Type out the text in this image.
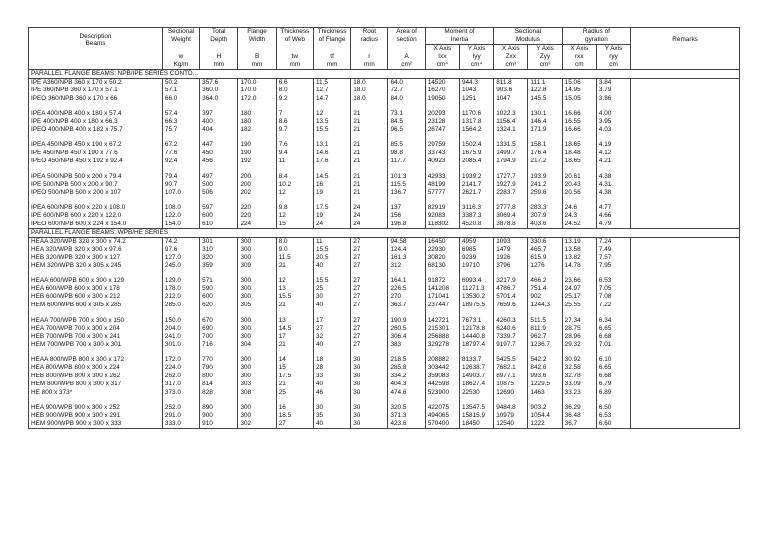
Description
Beams	Sectional	Total	Flange	Thickness	Thickness	Root	Area of	Moment of		Sectional		Radius of		Remarks
	Weight	Depth	Width	of Web	of Flange	radius	section	Inertia		Modulus		gyration		
								X Axis	Y Axis	X Axis	Y Axis	X Axis	Y Axis	
	w	H	B	tw	tf	r	A	Ixx	Iyy	Zxx	Zyy	rxx	ryy	
	Kg/m	mm	mm	mm	mm	mm	cm²	cm⁴	cm⁴	cm³	cm³	cm	cm	
PARALLEL FLANGE BEAMS; NPB/IPE SERIES CONTD...														
IPE A360/NPB 360 x 170 x 50.2	50.2	357.6	170.0	6.6	11.5	18.0	64.0	14520	944.3	811.8	111.1	15.06	3.84	
IPE 360/NPB 360 x 170 x 57.1	57.1	360.0	170.0	8.0	12.7	18.0	72.7	16270	1043	903.6	122.8	14.95	3.79	
IPEO 360/NPB 360 x 170 x 66	66.0	364.0	172.0	9.2	14.7	18.0	84.0	19050	1251	1047	145.5	15.05	3.86	

IPEA 400/NPB 400 x 180 x 57.4	57.4	397	180	7	12	21	73.1	20293	1170.6	1022.3	130.1	16.66	4.00	
IPE 400/NPB 400 x 180 x 66.3	66.3	400	180	8.6	13.5	21	84.5	23128	1317.8	1156.4	146.4	16.55	3.95	
IPEO 400/NPB 400 x 182 x 75.7	75.7	404	182	9.7	15.5	21	96.5	26747	1564.2	1324.1	171.9	16.66	4.03	

IPEA 450/NPB 450 x 190 x 67.2	67.2	447	190	7.6	13.1	21	85.5	29759	1502.4	1331.5	158.1	18.65	4.19	
IPE 450/NPB 450 x 190 x 77.6	77.6	450	190	9.4	14.6	21	98.8	33743	1675.9	1499.7	176.4	18.48	4.12	
IPEO 450/NPB 450 x 192 x 92.4	92.4	456	192	11	17.6	21	117.7	40923	2085.4	1794.9	217.2	18.65	4.21	

IPEA 500/NPB 500 x 200 x 79.4	79.4	497	200	8.4	14.5	21	101.3	42933	1939.2	1727.7	193.9	20.61	4.38	
IPE 500/NPB 500 x 200 x 90.7	90.7	500	200	10.2	16	21	115.5	48199	2141.7	1927.9	241.2	20.43	4.31	
IPEO 500/NPB 500 x 200 x 107	107.0	506	202	12	19	21	136.7	57777	2621.7	2283.7	259.6	20.56	4.38	

IPEA 600/NPB 600 x 220 x 108.0	108.0	597	220	9.8	17.5	24	137	82919	3116.3	2777.8	283.3	24.6	4.77	
IPE 600/NPB 600 x 220 x 122.0	122.0	600	220	12	19	24	156	92083	3387.3	3069.4	307.9	24.3	4.66	
IPEO 600/NPB 600 x 224 x 154.0	154.0	610	224	15	24	24	196.8	118302	4520.8	3878.8	403.6	24.52	4.79	
PARALLEL FLANGE BEAMS; WPB/HE SERIES														
HEAA 320/WPB 320 x 300 x 74.2	74.2	301	300	8.0	11	27	94.58	16450	4959	1093	330.6	13.19	7.24	
HEA 320/WPB 320 x 300 x 97.6	97.6	310	300	9.0	15.5	27	124.4	22930	6985	1479	465.7	13.58	7.49	
HEB 320/WPB 320 x 300 x 127	127.0	320	300	11.5	20.5	27	161.3	30820	9239	1926	615.9	13.82	7.57	
HEM 320/WPB 320 x 305 x 245	245.0	359	309	21	40	27	312	68130	19710	3796	1276	14.78	7.95	

HEAA 600/WPB 600 x 300 x 129	129.0	571	300	12	15.5	27	164.1	91872	6993.4	3217.9	466.2	23.66	6.53	
HEA 600/WPB 600 x 300 x 178	178.0	590	300	13	25	27	226.5	141208	11271.3	4786.7	751.4	24.97	7.05	
HEB 600/WPB 600 x 300 x 212	212.0	600	300	15.5	30	27	270	171041	13530.2	5701.4	902	25.17	7.08	
HEM 600/WPB 600 x 305 x 285	285.0	620	305	21	40	27	363.7	237447	18975.5	7659.6	1244.3	25.55	7.22	

HEAA 700/WPB 700 x 300 x 150	150.0	670	300	13	17	27	190.9	142721	7673.1	4260.3	511.5	27.34	6.34	
HEA 700/WPB 700 x 300 x 204	204.0	690	300	14.5	27	27	260.5	215301	12178.8	6240.6	811.9	28.75	6.65	
HEB 700/WPB 700 x 300 x 241	241.0	700	300	17	32	27	306.4	256888	14440.8	7339.7	962.7	28.96	6.68	
HEM 700/WPB 700 x 300 x 301	301.0	716	304	21	40	27	383	329278	18797.4	9197.7	1236.7	29.32	7.01	

HEAA 800/WPB 800 x 300 x 172	172.0	770	300	14	18	30	218.5	208882	8133.7	5425.5	542.2	30.92	6.10	
HEA 800/WPB 800 x 300 x 224	224.0	790	300	15	28	30	285.8	303442	12638.7	7682.1	842.6	32.58	6.65	
HEB 800/WPB 800 x 300 x 262	262.0	800	300	17.5	33	30	334.2	359083	14903.7	8977.1	993.6	32.78	6.68	
HEM 800/WPB 800 x 300 x 317	317.0	814	303	21	40	30	404.3	442598	18627.4	10875	1229.5	33.09	6.79	
HE 800 x 373*	373.0	828	308	25	46	30	474.6	523900	22530	12690	1463	33.23	6.89	

HEA 900/WPB 900 x 300 x 252	252.0	890	300	16	30	30	320.5	422075	13547.5	9484.8	903.2	36.29	6.50	
HEB 900/WPB 900 x 300 x 291	291.0	900	300	18.5	35	30	371.3	494065	15815.9	10979	1054.4	36.48	6.53	
HEM 900/WPB 900 x 300 x 333	333.0	910	302	27	40	30	423.6	570400	18450	12540	1222	36.7	6.60	
